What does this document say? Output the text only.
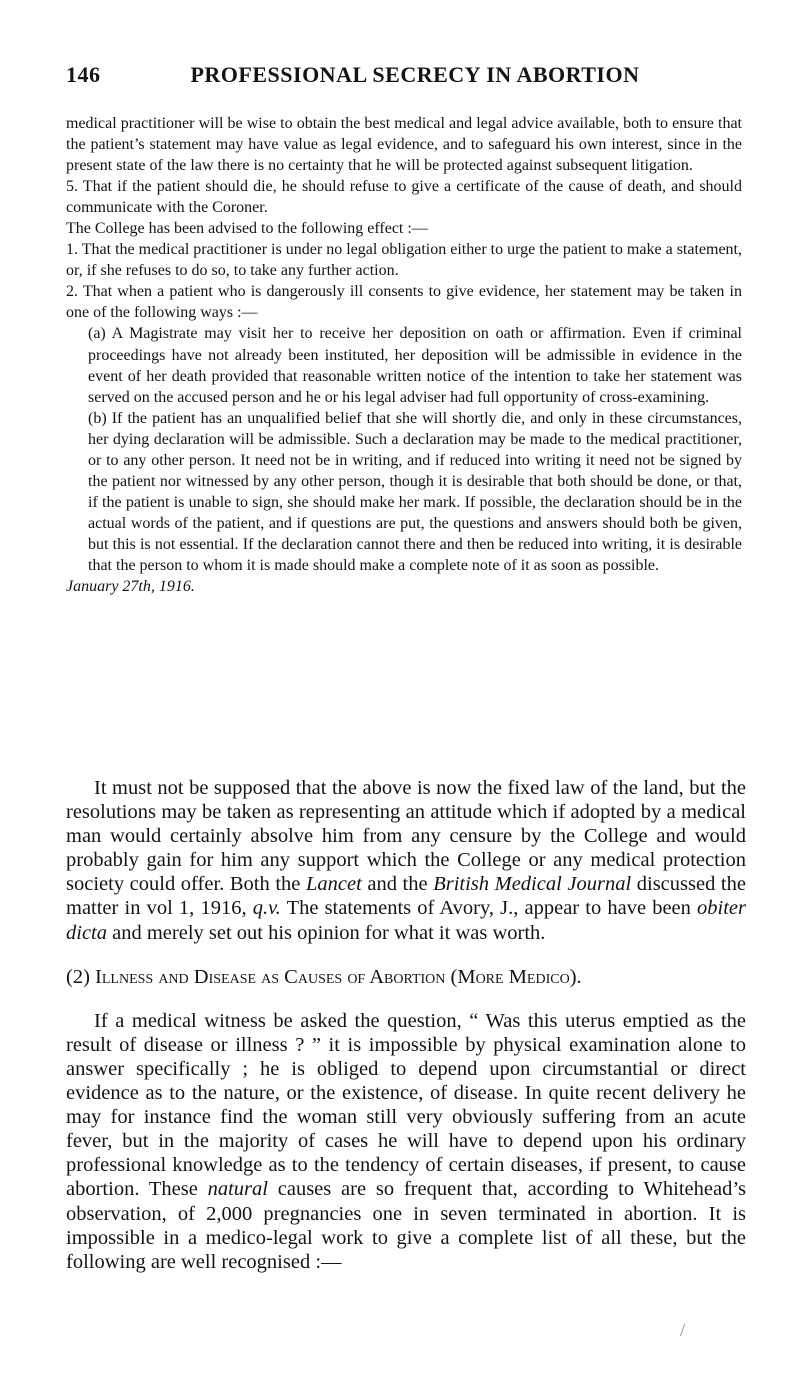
146	PROFESSIONAL SECRECY IN ABORTION

medical practitioner will be wise to obtain the best medical and legal advice available, both to ensure that the patient’s statement may have value as legal evidence, and to safeguard his own interest, since in the present state of the law there is no certainty that he will be protected against subsequent litigation.

5. That if the patient should die, he should refuse to give a certificate of the cause of death, and should communicate with the Coroner.

The College has been advised to the following effect :—

1. That the medical practitioner is under no legal obligation either to urge the patient to make a statement, or, if she refuses to do so, to take any further action.

2. That when a patient who is dangerously ill consents to give evidence, her statement may be taken in one of the following ways :—

(a) A Magistrate may visit her to receive her deposition on oath or affirmation. Even if criminal proceedings have not already been instituted, her deposition will be admissible in evidence in the event of her death provided that reasonable written notice of the intention to take her statement was served on the accused person and he or his legal adviser had full opportunity of cross-examining.

(b) If the patient has an unqualified belief that she will shortly die, and only in these circumstances, her dying declaration will be admissible. Such a declaration may be made to the medical practitioner, or to any other person. It need not be in writing, and if reduced into writing it need not be signed by the patient nor witnessed by any other person, though it is desirable that both should be done, or that, if the patient is unable to sign, she should make her mark. If possible, the declaration should be in the actual words of the patient, and if questions are put, the questions and answers should both be given, but this is not essential. If the declaration cannot there and then be reduced into writing, it is desirable that the person to whom it is made should make a complete note of it as soon as possible.

January 27th, 1916.

It must not be supposed that the above is now the fixed law of the land, but the resolutions may be taken as representing an attitude which if adopted by a medical man would certainly absolve him from any censure by the College and would probably gain for him any support which the College or any medical protection society could offer. Both the Lancet and the British Medical Journal discussed the matter in vol 1, 1916, q.v. The statements of Avory, J., appear to have been obiter dicta and merely set out his opinion for what it was worth.

(2) Illness and Disease as Causes of Abortion (More Medico).

If a medical witness be asked the question, “ Was this uterus emptied as the result of disease or illness ? ” it is impossible by physical examination alone to answer specifically ; he is obliged to depend upon circumstantial or direct evidence as to the nature, or the existence, of disease. In quite recent delivery he may for instance find the woman still very obviously suffering from an acute fever, but in the majority of cases he will have to depend upon his ordinary professional knowledge as to the tendency of certain diseases, if present, to cause abortion. These natural causes are so frequent that, according to Whitehead’s observation, of 2,000 pregnancies one in seven terminated in abortion. It is impossible in a medico-legal work to give a complete list of all these, but the following are well recognised :—

/
